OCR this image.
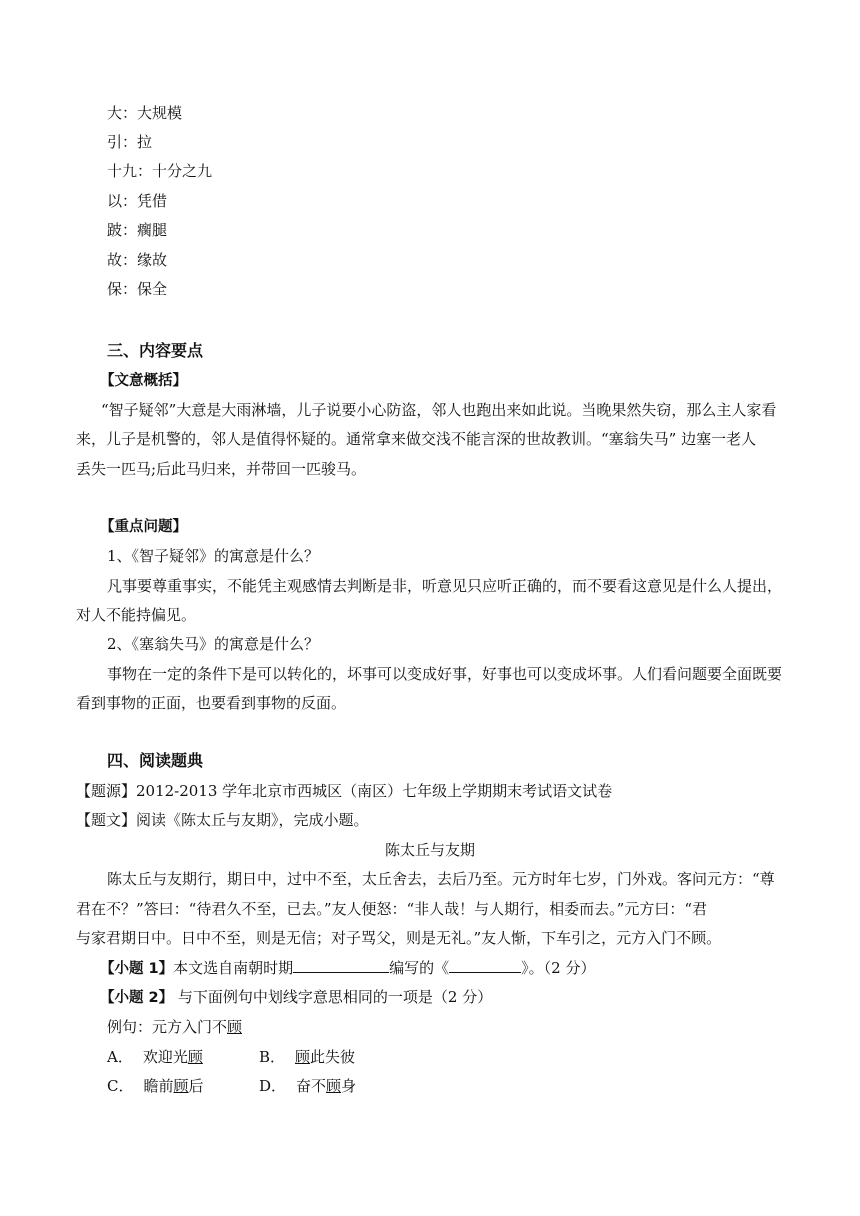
大：大规模
引：拉
十九：十分之九
以：凭借
跛：瘸腿
故：缘故
保：保全
三、内容要点
【文意概括】
“智子疑邻”大意是大雨淋墙，儿子说要小心防盗，邻人也跑出来如此说。当晚果然失窃，那么主人家看
来，儿子是机警的，邻人是值得怀疑的。通常拿来做交浅不能言深的世故教训。“塞翁失马” 边塞一老人
丢失一匹马;后此马归来，并带回一匹骏马。
【重点问题】
1、《智子疑邻》的寓意是什么？
凡事要尊重事实，不能凭主观感情去判断是非，听意见只应听正确的，而不要看这意见是什么人提出，
对人不能持偏见。
2、《塞翁失马》的寓意是什么？
事物在一定的条件下是可以转化的，坏事可以变成好事，好事也可以变成坏事。人们看问题要全面既要
看到事物的正面，也要看到事物的反面。
四、阅读题典
【题源】2012-2013 学年北京市西城区（南区）七年级上学期期末考试语文试卷
【题文】阅读《陈太丘与友期》，完成小题。
陈太丘与友期
陈太丘与友期行，期日中，过中不至，太丘舍去，去后乃至。元方时年七岁，门外戏。客问元方：“尊
君在不？”答曰：“待君久不至，已去。”友人便怒：“非人哉！与人期行，相委而去。”元方曰：“君
与家君期日中。日中不至，则是无信；对子骂父，则是无礼。”友人惭，下车引之，元方入门不顾。
【小题 1】本文选自南朝时期	编写的《	》。（2 分）
【小题 2】 与下面例句中划线字意思相同的一项是（2 分）
例句：元方入门不顾
A． 欢迎光顾	B． 顾此失彼
C． 瞻前顾后	D． 奋不顾身
